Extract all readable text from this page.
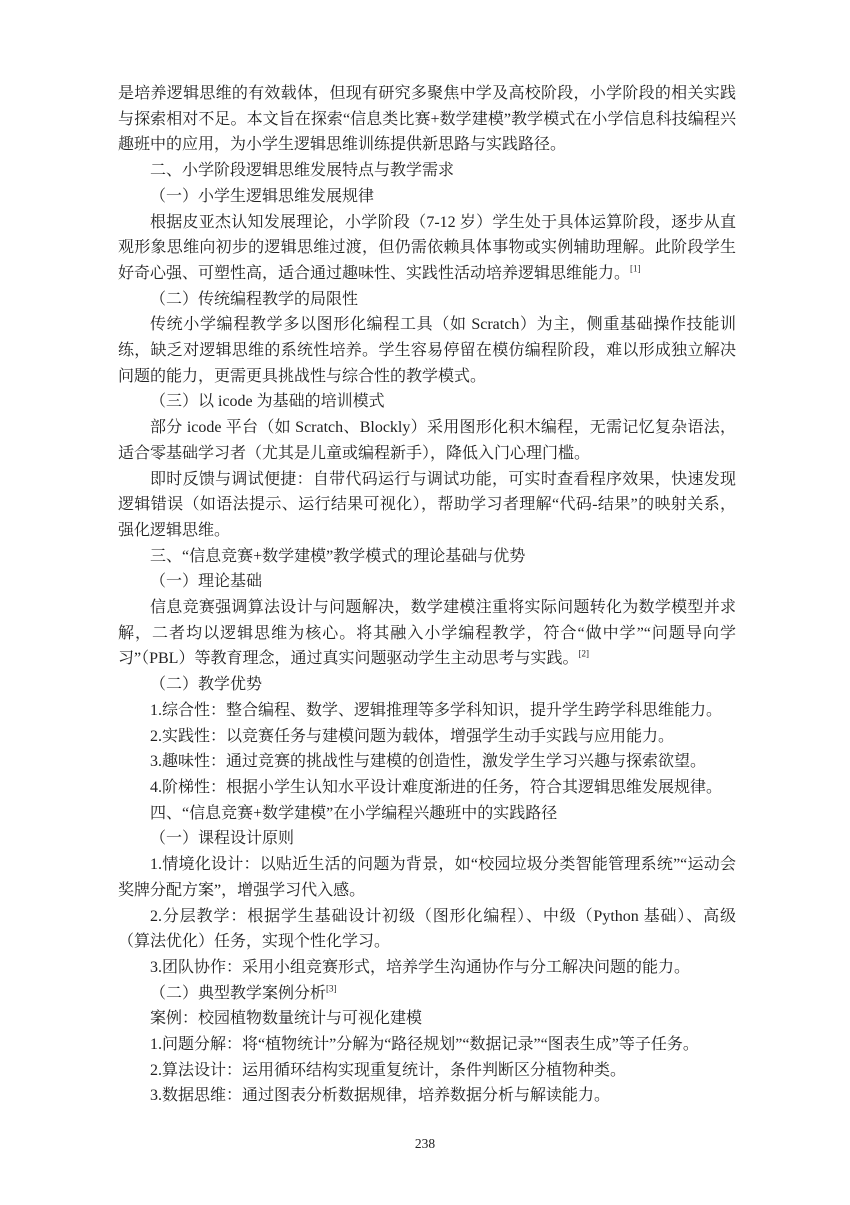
是培养逻辑思维的有效载体，但现有研究多聚焦中学及高校阶段，小学阶段的相关实践与探索相对不足。本文旨在探索“信息类比赛+数学建模”教学模式在小学信息科技编程兴趣班中的应用，为小学生逻辑思维训练提供新思路与实践路径。

二、小学阶段逻辑思维发展特点与教学需求

（一）小学生逻辑思维发展规律

根据皮亚杰认知发展理论，小学阶段（7-12 岁）学生处于具体运算阶段，逐步从直观形象思维向初步的逻辑思维过渡，但仍需依赖具体事物或实例辅助理解。此阶段学生好奇心强、可塑性高，适合通过趣味性、实践性活动培养逻辑思维能力。[1]

（二）传统编程教学的局限性

传统小学编程教学多以图形化编程工具（如 Scratch）为主，侧重基础操作技能训练，缺乏对逻辑思维的系统性培养。学生容易停留在模仿编程阶段，难以形成独立解决问题的能力，更需更具挑战性与综合性的教学模式。

（三）以 icode 为基础的培训模式

部分 icode 平台（如 Scratch、Blockly）采用图形化积木编程，无需记忆复杂语法，适合零基础学习者（尤其是儿童或编程新手），降低入门心理门槛。

即时反馈与调试便捷：自带代码运行与调试功能，可实时查看程序效果，快速发现逻辑错误（如语法提示、运行结果可视化），帮助学习者理解“代码-结果”的映射关系，强化逻辑思维。

三、“信息竞赛+数学建模”教学模式的理论基础与优势

（一）理论基础

信息竞赛强调算法设计与问题解决，数学建模注重将实际问题转化为数学模型并求解，二者均以逻辑思维为核心。将其融入小学编程教学，符合“做中学”“问题导向学习”（PBL）等教育理念，通过真实问题驱动学生主动思考与实践。[2]

（二）教学优势

1.综合性：整合编程、数学、逻辑推理等多学科知识，提升学生跨学科思维能力。

2.实践性：以竞赛任务与建模问题为载体，增强学生动手实践与应用能力。

3.趣味性：通过竞赛的挑战性与建模的创造性，激发学生学习兴趣与探索欲望。

4.阶梯性：根据小学生认知水平设计难度渐进的任务，符合其逻辑思维发展规律。

四、“信息竞赛+数学建模”在小学编程兴趣班中的实践路径

（一）课程设计原则

1.情境化设计：以贴近生活的问题为背景，如“校园垃圾分类智能管理系统”“运动会奖牌分配方案”，增强学习代入感。

2.分层教学：根据学生基础设计初级（图形化编程）、中级（Python 基础）、高级（算法优化）任务，实现个性化学习。

3.团队协作：采用小组竞赛形式，培养学生沟通协作与分工解决问题的能力。

（二）典型教学案例分析[3]

案例：校园植物数量统计与可视化建模

1.问题分解：将“植物统计”分解为“路径规划”“数据记录”“图表生成”等子任务。

2.算法设计：运用循环结构实现重复统计，条件判断区分植物种类。

3.数据思维：通过图表分析数据规律，培养数据分析与解读能力。

238
